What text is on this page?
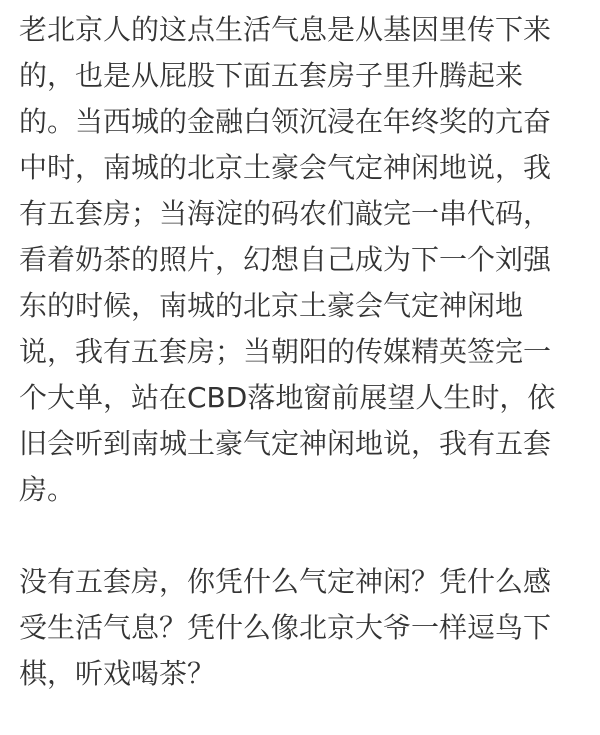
老北京人的这点生活气息是从基因里传下来
的，也是从屁股下面五套房子里升腾起来
的。当西城的金融白领沉浸在年终奖的亢奋
中时，南城的北京土豪会气定神闲地说，我
有五套房；当海淀的码农们敲完一串代码，
看着奶茶的照片，幻想自己成为下一个刘强
东的时候，南城的北京土豪会气定神闲地
说，我有五套房；当朝阳的传媒精英签完一
个大单，站在CBD落地窗前展望人生时，依
旧会听到南城土豪气定神闲地说，我有五套
房。
没有五套房，你凭什么气定神闲？凭什么感
受生活气息？凭什么像北京大爷一样逗鸟下
棋，听戏喝茶？
